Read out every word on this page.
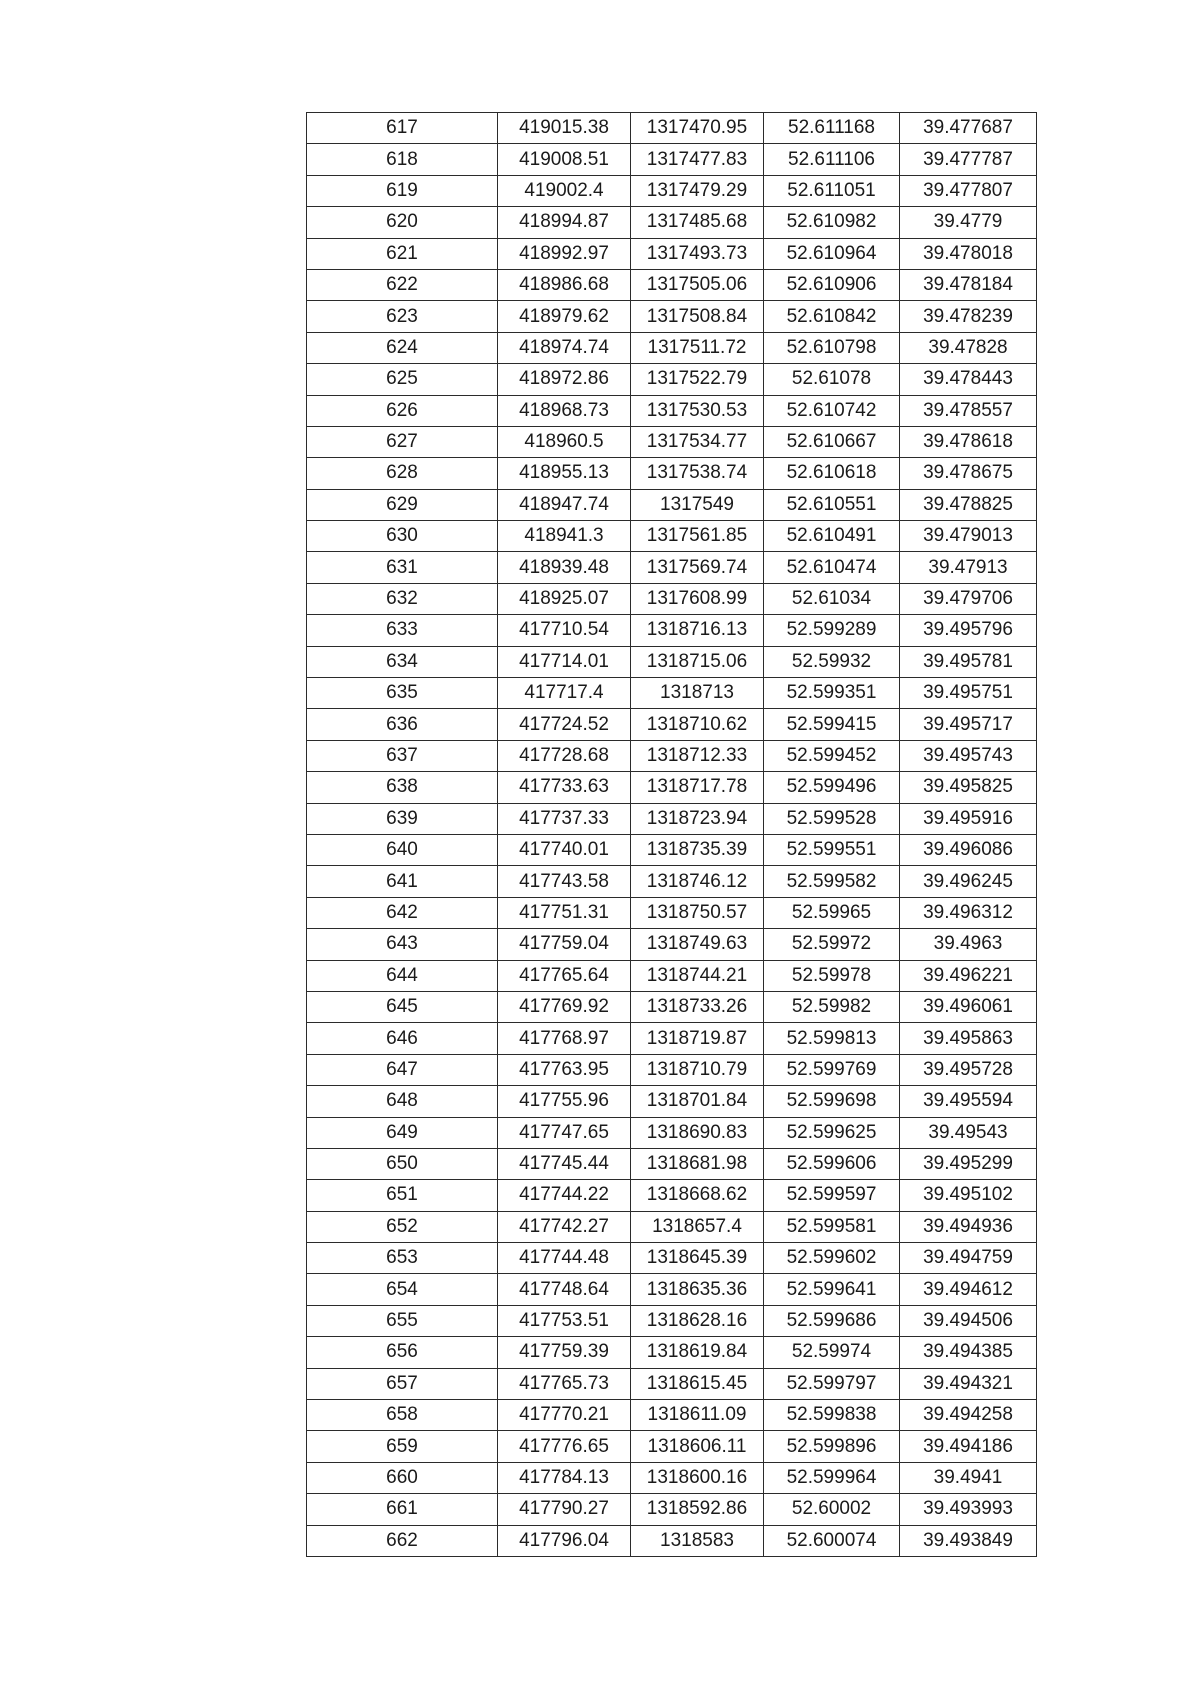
617	419015.38	1317470.95	52.611168	39.477687
618	419008.51	1317477.83	52.611106	39.477787
619	419002.4	1317479.29	52.611051	39.477807
620	418994.87	1317485.68	52.610982	39.4779
621	418992.97	1317493.73	52.610964	39.478018
622	418986.68	1317505.06	52.610906	39.478184
623	418979.62	1317508.84	52.610842	39.478239
624	418974.74	1317511.72	52.610798	39.47828
625	418972.86	1317522.79	52.61078	39.478443
626	418968.73	1317530.53	52.610742	39.478557
627	418960.5	1317534.77	52.610667	39.478618
628	418955.13	1317538.74	52.610618	39.478675
629	418947.74	1317549	52.610551	39.478825
630	418941.3	1317561.85	52.610491	39.479013
631	418939.48	1317569.74	52.610474	39.47913
632	418925.07	1317608.99	52.61034	39.479706
633	417710.54	1318716.13	52.599289	39.495796
634	417714.01	1318715.06	52.59932	39.495781
635	417717.4	1318713	52.599351	39.495751
636	417724.52	1318710.62	52.599415	39.495717
637	417728.68	1318712.33	52.599452	39.495743
638	417733.63	1318717.78	52.599496	39.495825
639	417737.33	1318723.94	52.599528	39.495916
640	417740.01	1318735.39	52.599551	39.496086
641	417743.58	1318746.12	52.599582	39.496245
642	417751.31	1318750.57	52.59965	39.496312
643	417759.04	1318749.63	52.59972	39.4963
644	417765.64	1318744.21	52.59978	39.496221
645	417769.92	1318733.26	52.59982	39.496061
646	417768.97	1318719.87	52.599813	39.495863
647	417763.95	1318710.79	52.599769	39.495728
648	417755.96	1318701.84	52.599698	39.495594
649	417747.65	1318690.83	52.599625	39.49543
650	417745.44	1318681.98	52.599606	39.495299
651	417744.22	1318668.62	52.599597	39.495102
652	417742.27	1318657.4	52.599581	39.494936
653	417744.48	1318645.39	52.599602	39.494759
654	417748.64	1318635.36	52.599641	39.494612
655	417753.51	1318628.16	52.599686	39.494506
656	417759.39	1318619.84	52.59974	39.494385
657	417765.73	1318615.45	52.599797	39.494321
658	417770.21	1318611.09	52.599838	39.494258
659	417776.65	1318606.11	52.599896	39.494186
660	417784.13	1318600.16	52.599964	39.4941
661	417790.27	1318592.86	52.60002	39.493993
662	417796.04	1318583	52.600074	39.493849
